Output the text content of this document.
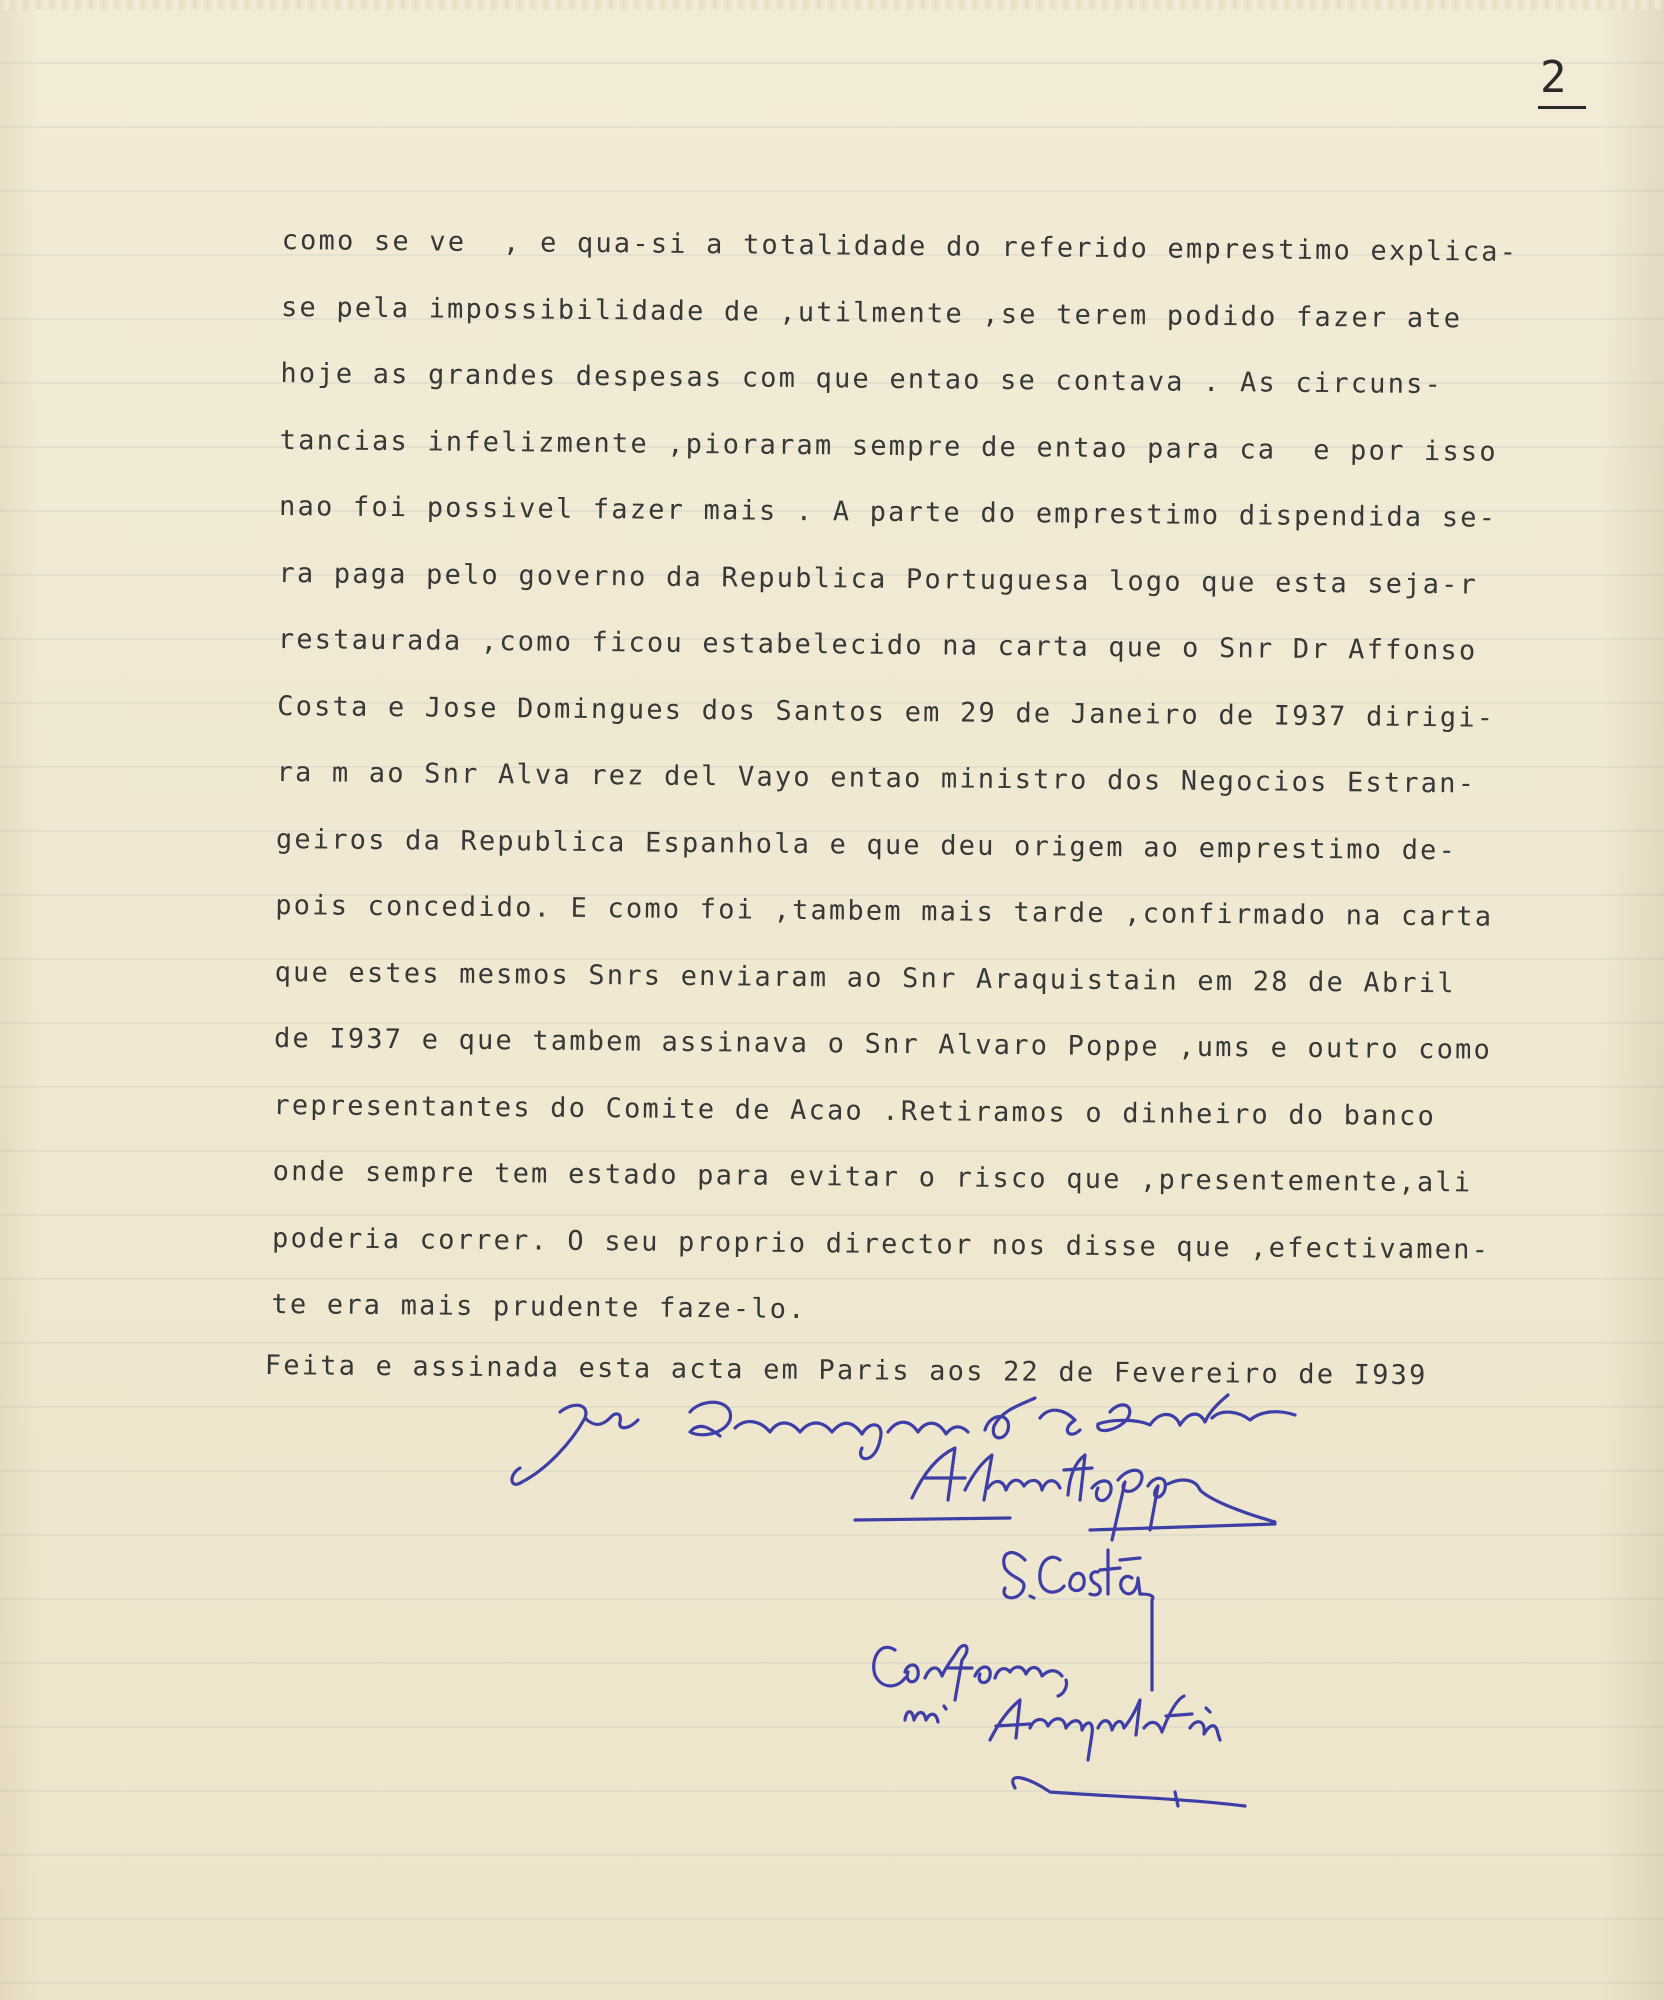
2
como se ve  , e qua-si a totalidade do referido emprestimo explica-
se pela impossibilidade de ,utilmente ,se terem podido fazer ate
hoje as grandes despesas com que entao se contava . As circuns-
tancias infelizmente ,pioraram sempre de entao para ca  e por isso
nao foi possivel fazer mais . A parte do emprestimo dispendida se-
ra paga pelo governo da Republica Portuguesa logo que esta seja-r
restaurada ,como ficou estabelecido na carta que o Snr Dr Affonso
Costa e Jose Domingues dos Santos em 29 de Janeiro de I937 dirigi-
ra m ao Snr Alva rez del Vayo entao ministro dos Negocios Estran-
geiros da Republica Espanhola e que deu origem ao emprestimo de-
pois concedido. E como foi ,tambem mais tarde ,confirmado na carta
que estes mesmos Snrs enviaram ao Snr Araquistain em 28 de Abril
de I937 e que tambem assinava o Snr Alvaro Poppe ,ums e outro como
representantes do Comite de Acao .Retiramos o dinheiro do banco
onde sempre tem estado para evitar o risco que ,presentemente,ali
poderia correr. O seu proprio director nos disse que ,efectivamen-
te era mais prudente faze-lo.
Feita e assinada esta acta em Paris aos 22 de Fevereiro de I939
